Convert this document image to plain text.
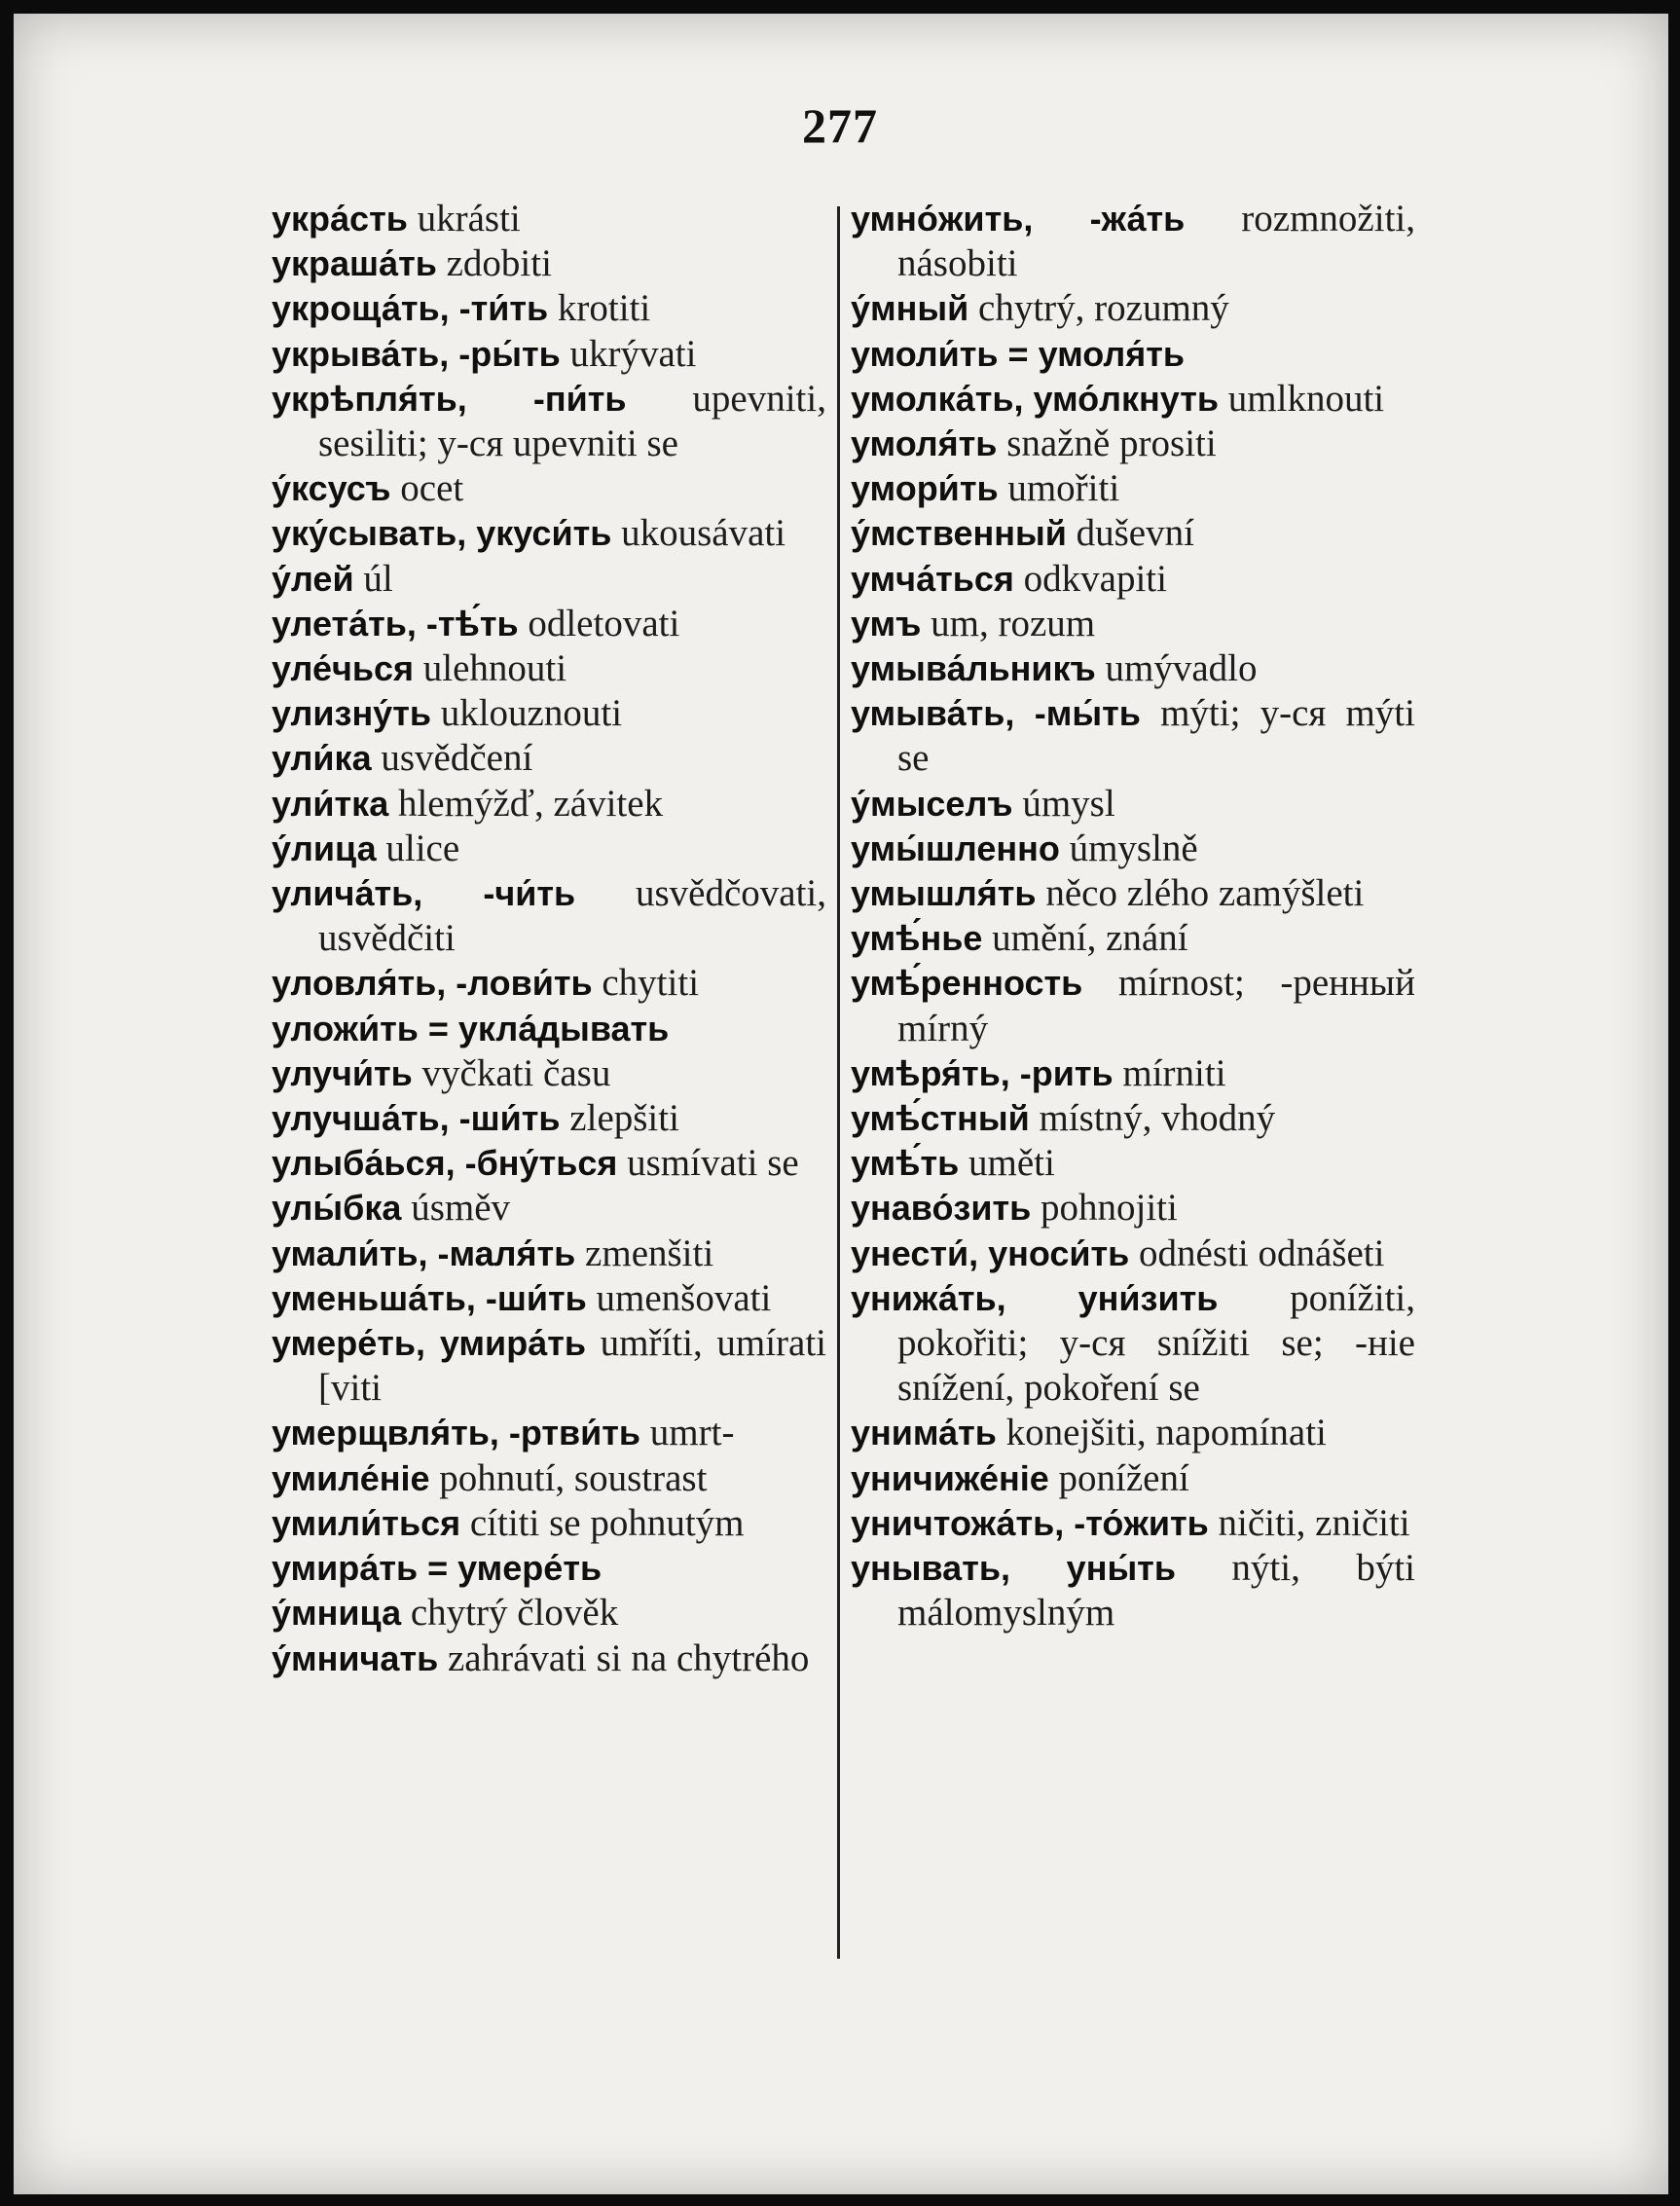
277
укра́сть ukrásti
украша́ть zdobiti
укроща́ть, -ти́ть krotiti
укрыва́ть, -ры́ть ukrývati
укрѣпля́ть, -пи́ть upevniti, sesiliti; у-ся upevniti se
у́ксусъ ocet
уку́сывать, укуси́ть ukousávati
у́лей úl
улета́ть, -тѣ́ть odletovati
уле́чься ulehnouti
улизну́ть uklouznouti
ули́ка usvědčení
ули́тка hlemýžď, závitek
у́лица ulice
улича́ть, -чи́ть usvědčovati, usvědčiti
уловля́ть, -лови́ть chytiti
уложи́ть = укла́дывать
улучи́ть vyčkati času
улучша́ть, -ши́ть zlepšiti
улыба́ься, -бну́ться usmívati se
улы́бка úsměv
умали́ть, -маля́ть zmenšiti
уменьша́ть, -ши́ть umenšovati
умере́ть, умира́ть umříti, umírati [viti
умерщвля́ть, -ртви́ть umrt-
умиле́ніе pohnutí, soustrast
умили́ться cítiti se pohnutým
умира́ть = умере́ть
у́мница chytrý člověk
у́мничать zahrávati si na chytrého
умно́жить, -жа́ть rozmnožiti, násobiti
у́мный chytrý, rozumný
умоли́ть = умоля́ть
умолка́ть, умо́лкнуть umlknouti
умоля́ть snažně prositi
умори́ть umořiti
у́мственный duševní
умча́ться odkvapiti
умъ um, rozum
умыва́льникъ umývadlo
умыва́ть, -мы́ть mýti; у-ся mýti se
у́мыселъ úmysl
умы́шленно úmyslně
умышля́ть něco zlého zamýšleti
умѣ́нье umění, znání
умѣ́ренность mírnost; -ренный mírný
умѣря́ть, -рить mírniti
умѣ́стный místný, vhodný
умѣ́ть uměti
унаво́зить pohnojiti
унести́, уноси́ть odnésti odnášeti
унижа́ть, уни́зить ponížiti, pokořiti; у-ся snížiti se; -ніе snížení, pokoření se
унима́ть konejšiti, napomínati
уничиже́ніе ponížení
уничтожа́ть, -то́жить ničiti, zničiti
унывать, уны́ть nýti, býti málomyslným
